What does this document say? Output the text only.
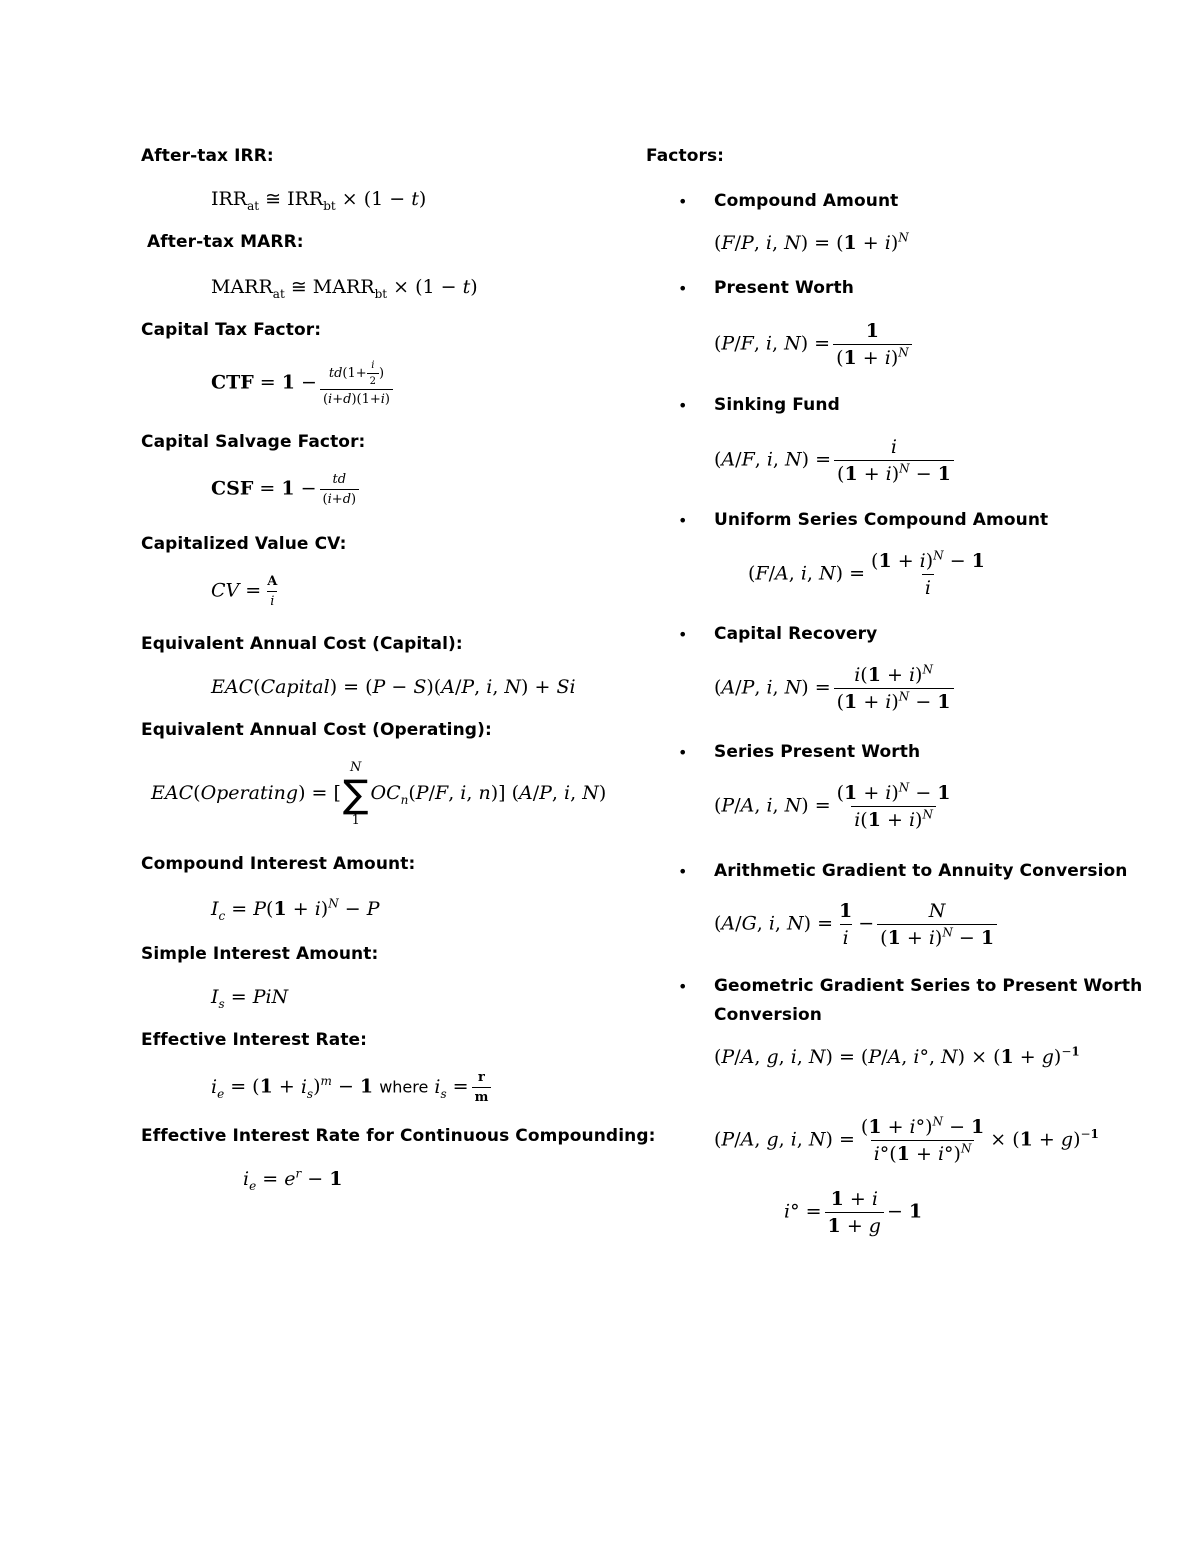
After-tax IRR:
$IRR_{at}$ ≅ $IRR_{bt} \times (1 - t)$
After-tax MARR:
$MARR_{at}$ ≅ $MARR_{bt} \times (1 - t)$
Capital Tax Factor:
CTF = $1 - \frac{td(1+ \frac{i}{2} )}{(i+d)(1+i)}$
Capital Salvage Factor:
CSF = $1 - \frac{td}{(i+d)}$
Capitalized Value CV:
CV = $\frac{A}{i}$
Equivalent Annual Cost (Capital):
EAC(Capital) = (P − S)(A/P, i, N) + Si
Equivalent Annual Cost (Operating):
EAC(Operating) = [
N
∑
1
$OC_n(P/F$, i, n)] (A/P, i, N)
Compound Interest Amount:
$I_c = P(1 + i)^N - P$
Simple Interest Amount:
$I_s$ = PiN
Effective Interest Rate:
$i_e = (1 + i_s)^m - 1$ where $i_s = \frac{r}{m}$
Effective Interest Rate for Continuous Compounding:
$i_e = e^r - 1$
Factors:
• Compound Amount
(F/P, i, $N) = (1 + i)^N$
• Present Worth
(P/F, i, $N) = \frac{1}{(1 + i)^N}$
• Sinking Fund
(A/F, i, $N) = \frac{i}{(1 + i)^N - 1}$
• Uniform Series Compound Amount
(F/A, i, $N) = \frac{(1 + i)^N - 1}{i}$
• Capital Recovery
(A/P, i, $N) = \frac{i(1 + i)^N}{(1 + i)^N - 1}$
• Series Present Worth
(P/A, i, $N) = \frac{(1 + i)^N - 1}{i(1 + i)^N}$
• Arithmetic Gradient to Annuity Conversion
(A/G, i, $N) = \frac{1}{i} - \frac{N}{(1 + i)^N - 1}$
• Geometric Gradient Series to Present Worth
Conversion
(P/A, g, i, N) = (P/A, i°, $N) \times (1 + g)^{-1}$
(P/A, g, i, $N) = \frac{(1 + i^\circ)^N - 1}{i^\circ(1 + i^\circ)^N} \times (1 + g)^{-1}$
$i^\circ = \frac{1 + i}{1 + g} - 1$
